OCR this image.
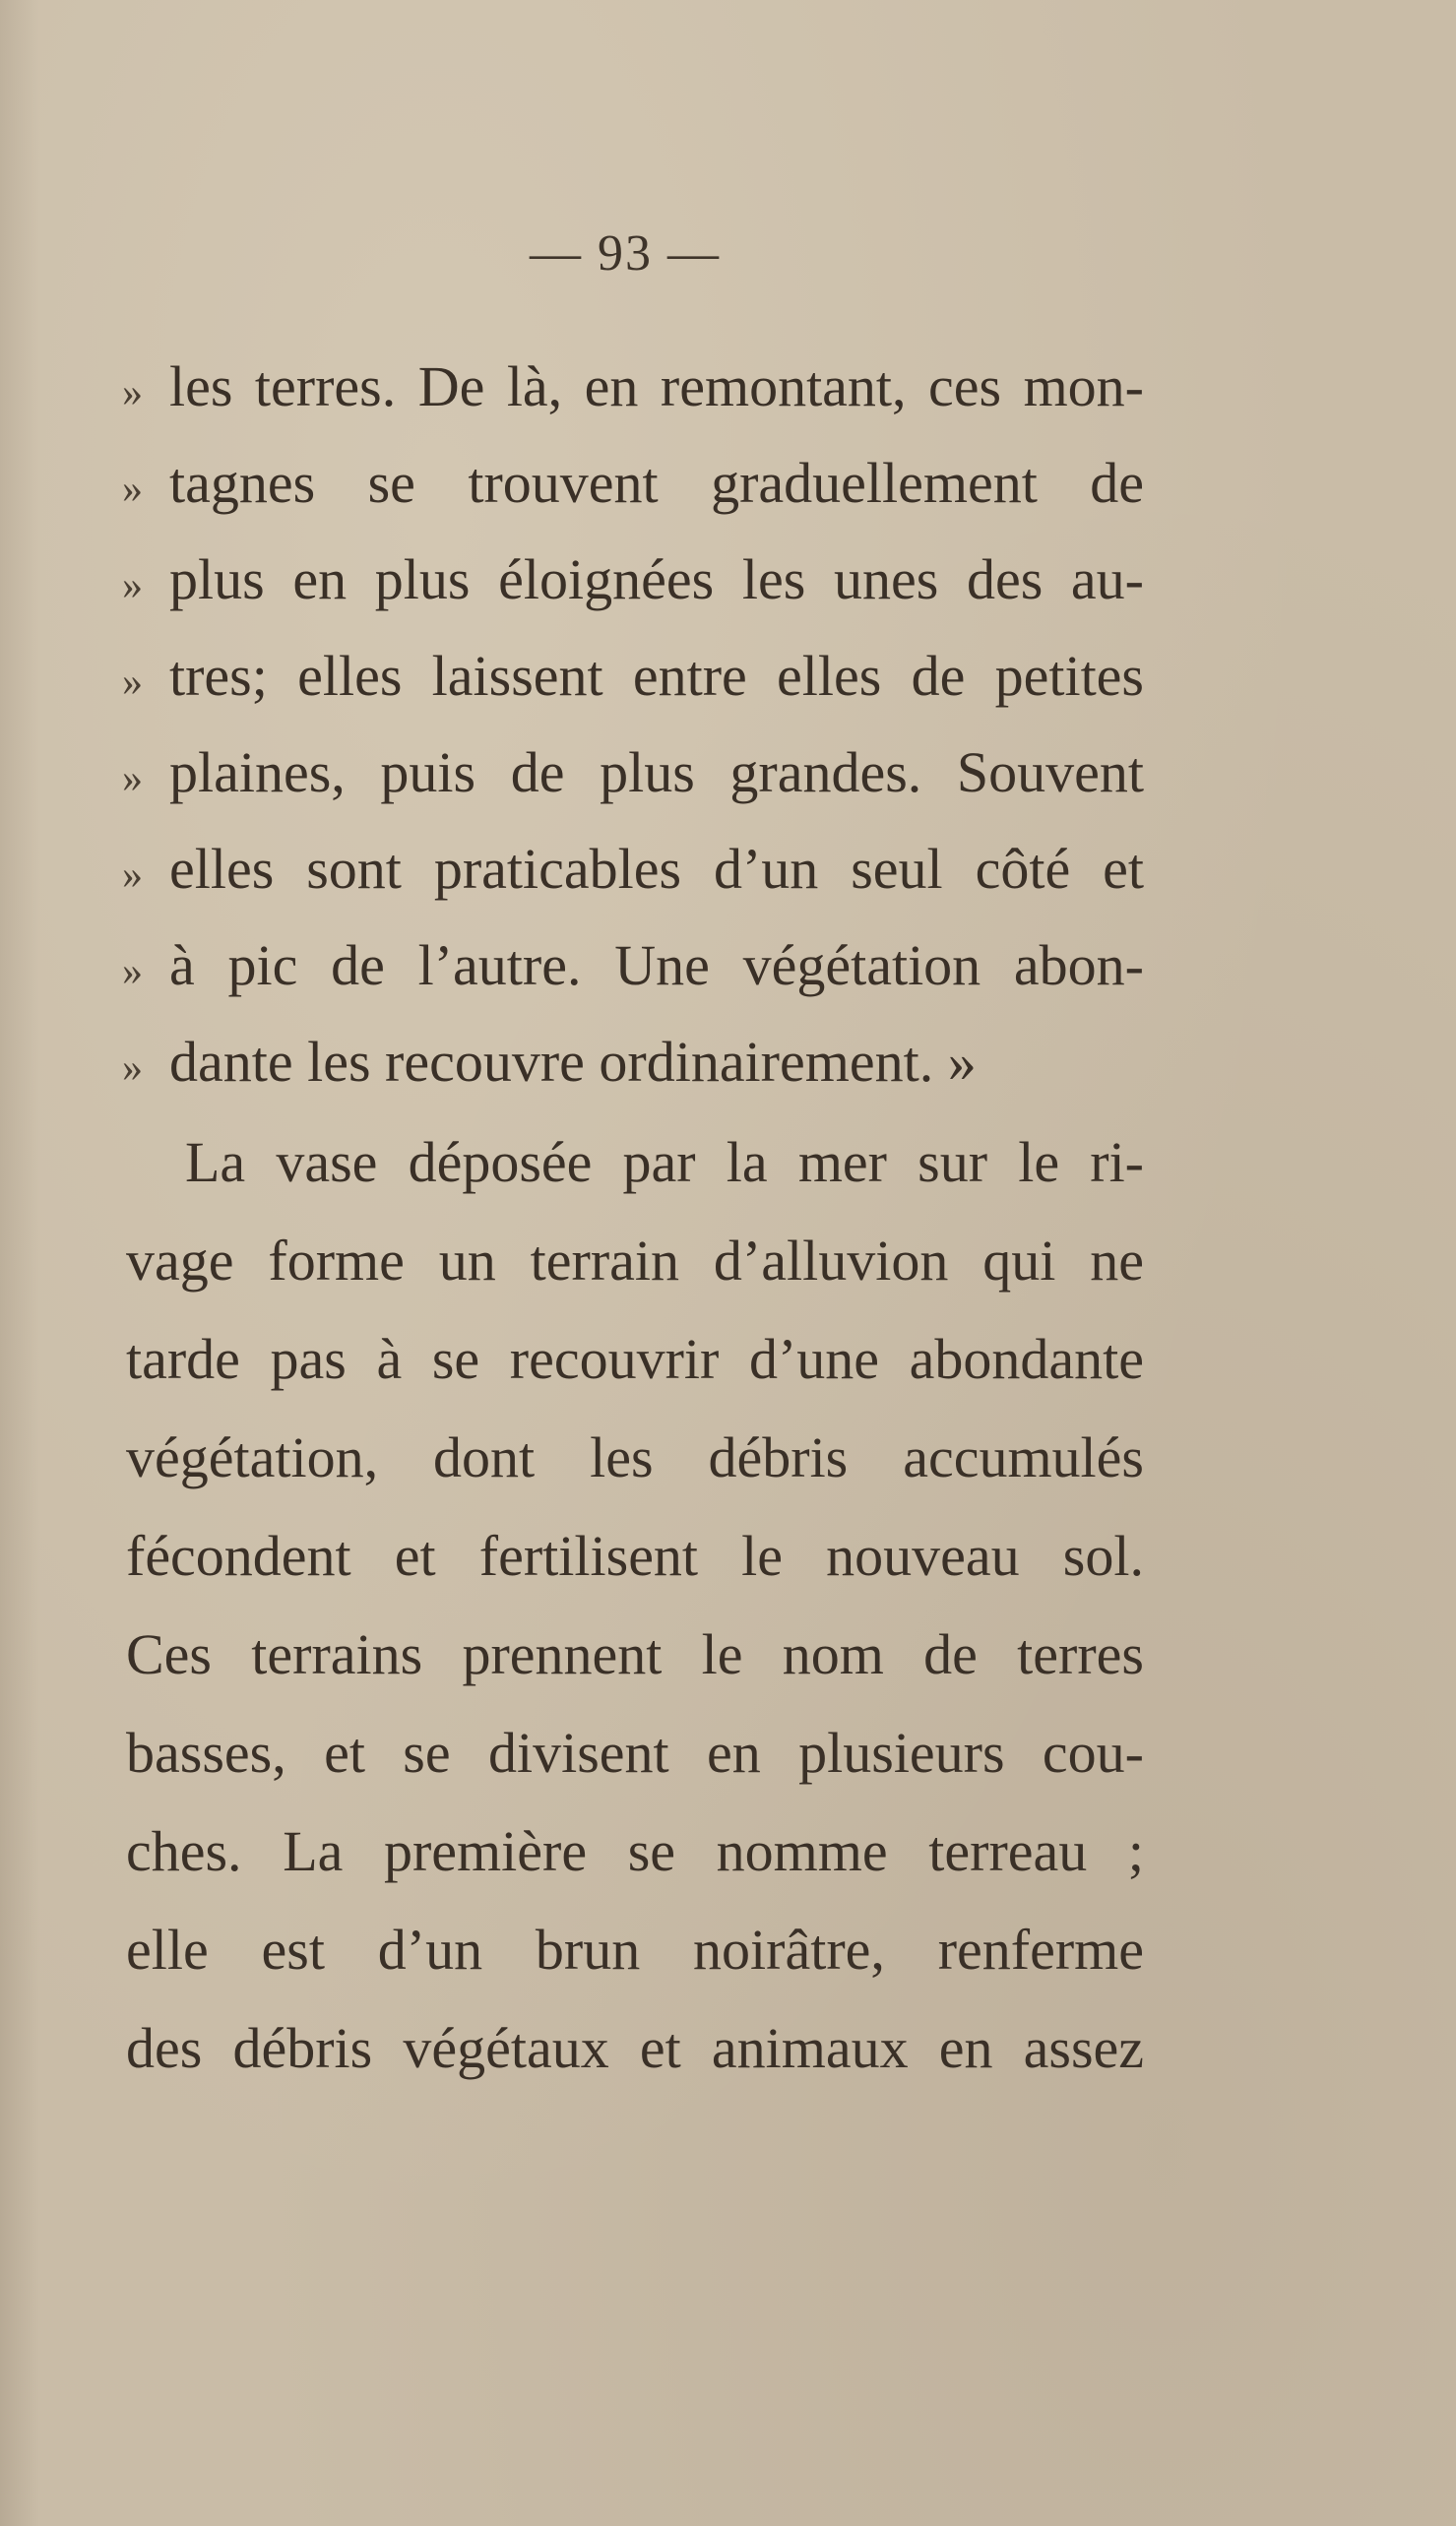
— 93 —
» les terres. De là, en remontant, ces mon-
» tagnes se trouvent graduellement de
» plus en plus éloignées les unes des au-
» tres; elles laissent entre elles de petites
» plaines, puis de plus grandes. Souvent
» elles sont praticables d’un seul côté et
» à pic de l’autre. Une végétation abon-
» dante les recouvre ordinairement. »
La vase déposée par la mer sur le ri-
vage forme un terrain d’alluvion qui ne
tarde pas à se recouvrir d’une abondante
végétation, dont les débris accumulés
fécondent et fertilisent le nouveau sol.
Ces terrains prennent le nom de terres
basses, et se divisent en plusieurs cou-
ches. La première se nomme terreau ;
elle est d’un brun noirâtre, renferme
des débris végétaux et animaux en assez
